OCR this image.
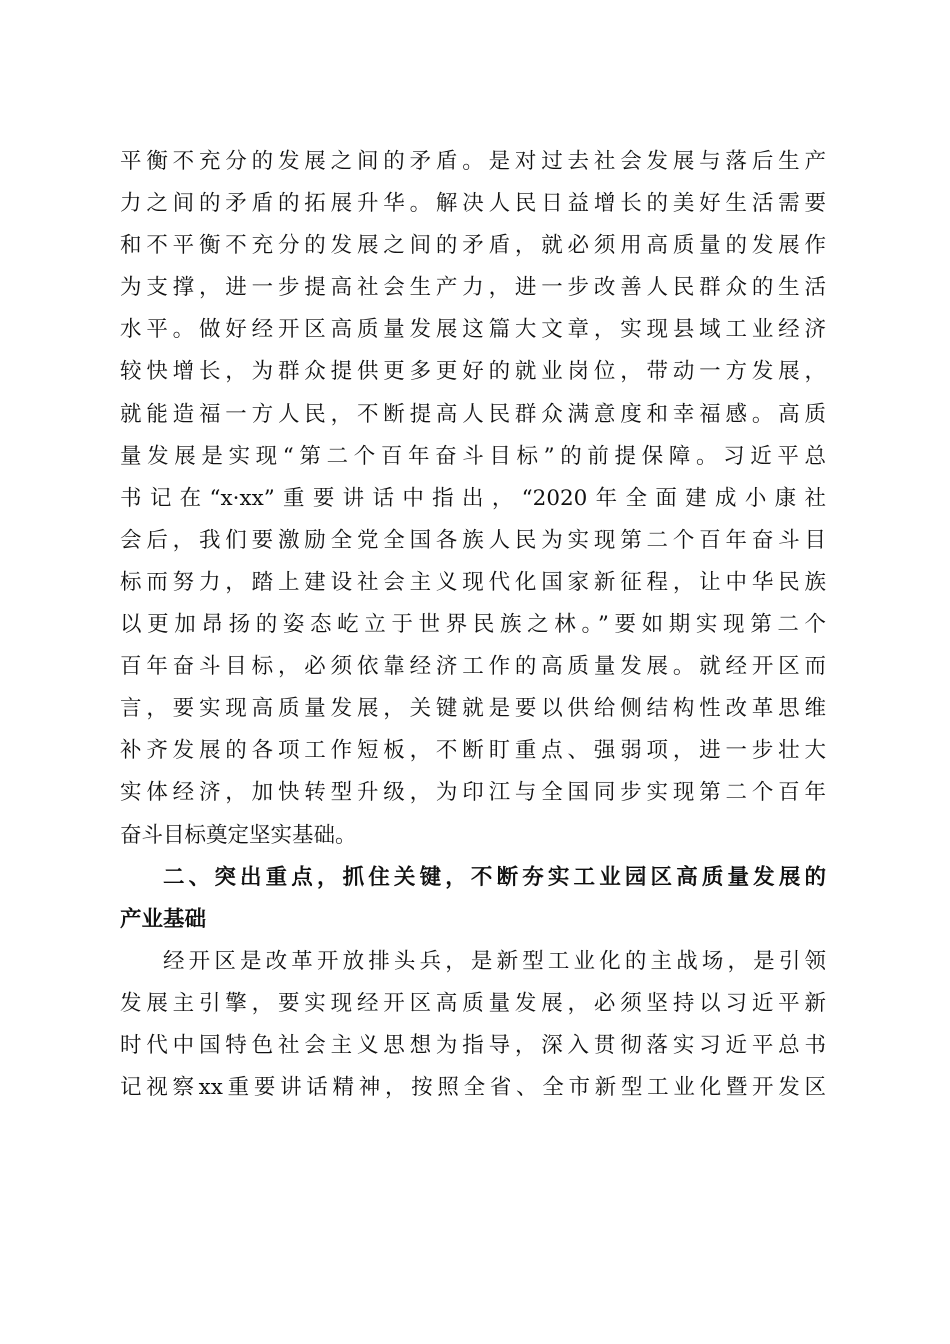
平衡不充分的发展之间的矛盾。是对过去社会发展与落后生产
力之间的矛盾的拓展升华。解决人民日益增长的美好生活需要
和不平衡不充分的发展之间的矛盾，就必须用高质量的发展作
为支撑，进一步提高社会生产力，进一步改善人民群众的生活
水平。做好经开区高质量发展这篇大文章，实现县域工业经济
较快增长，为群众提供更多更好的就业岗位，带动一方发展，
就能造福一方人民，不断提高人民群众满意度和幸福感。高质
量发展是实现“第二个百年奋斗目标”的前提保障。习近平总
书记在“x·xx”重要讲话中指出，“2020年全面建成小康社
会后，我们要激励全党全国各族人民为实现第二个百年奋斗目
标而努力，踏上建设社会主义现代化国家新征程，让中华民族
以更加昂扬的姿态屹立于世界民族之林。”要如期实现第二个
百年奋斗目标，必须依靠经济工作的高质量发展。就经开区而
言，要实现高质量发展，关键就是要以供给侧结构性改革思维
补齐发展的各项工作短板，不断盯重点、强弱项，进一步壮大
实体经济，加快转型升级，为印江与全国同步实现第二个百年
奋斗目标奠定坚实基础。
二、突出重点，抓住关键，不断夯实工业园区高质量发展的
产业基础
经开区是改革开放排头兵，是新型工业化的主战场，是引领
发展主引擎，要实现经开区高质量发展，必须坚持以习近平新
时代中国特色社会主义思想为指导，深入贯彻落实习近平总书
记视察xx重要讲话精神，按照全省、全市新型工业化暨开发区
